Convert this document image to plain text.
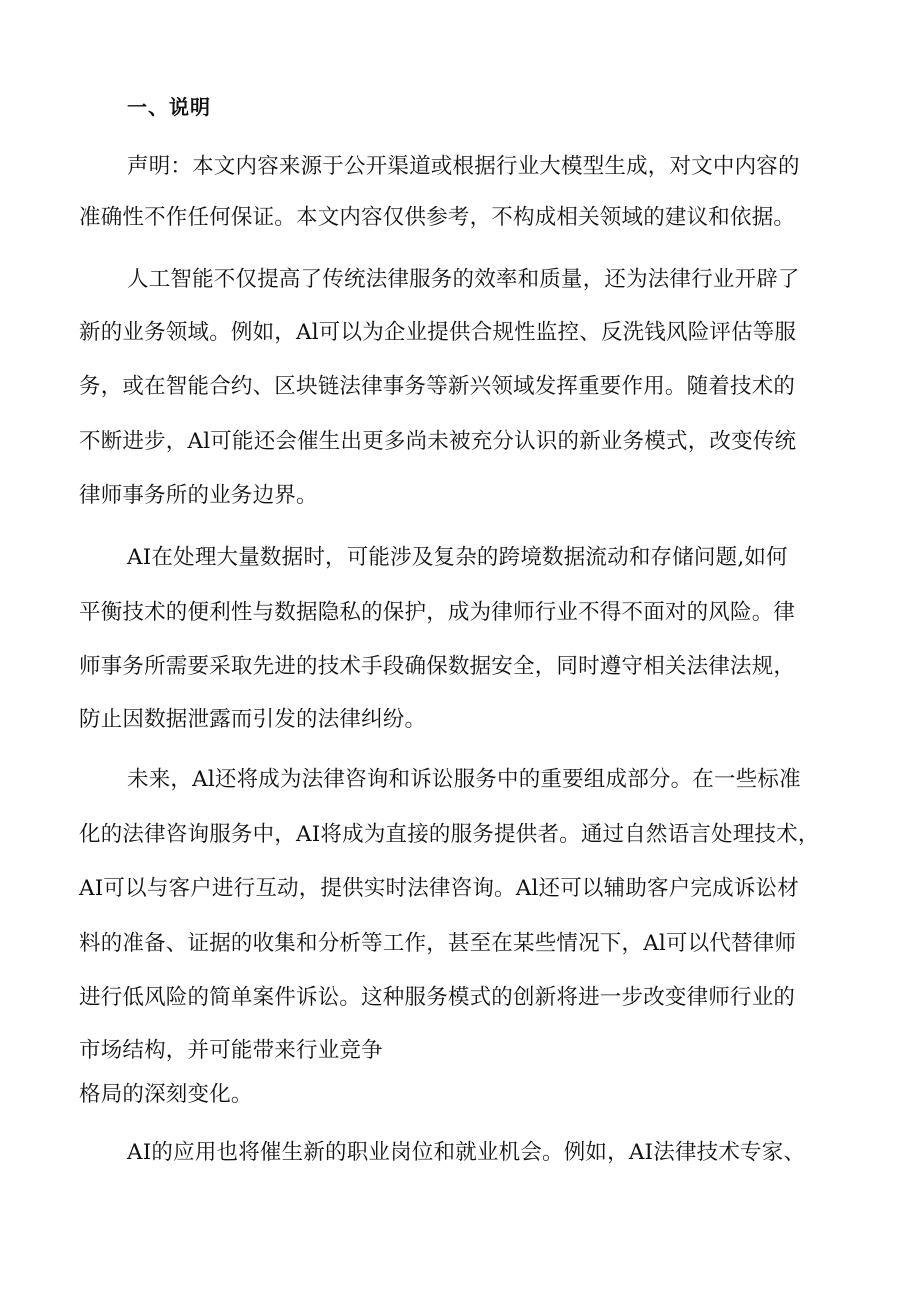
一、说明
声明：本文内容来源于公开渠道或根据行业大模型生成，对文中内容的
准确性不作任何保证。本文内容仅供参考，不构成相关领域的建议和依据。
人工智能不仅提高了传统法律服务的效率和质量，还为法律行业开辟了
新的业务领域。例如，Al可以为企业提供合规性监控、反洗钱风险评估等服
务，或在智能合约、区块链法律事务等新兴领域发挥重要作用。随着技术的
不断进步，Al可能还会催生出更多尚未被充分认识的新业务模式，改变传统
律师事务所的业务边界。
AI在处理大量数据时，可能涉及复杂的跨境数据流动和存储问题,如何
平衡技术的便利性与数据隐私的保护，成为律师行业不得不面对的风险。律
师事务所需要采取先进的技术手段确保数据安全，同时遵守相关法律法规，
防止因数据泄露而引发的法律纠纷。
未来，Al还将成为法律咨询和诉讼服务中的重要组成部分。在一些标准
化的法律咨询服务中，AI将成为直接的服务提供者。通过自然语言处理技术，
AI可以与客户进行互动，提供实时法律咨询。Al还可以辅助客户完成诉讼材
料的准备、证据的收集和分析等工作，甚至在某些情况下，Al可以代替律师
进行低风险的简单案件诉讼。这种服务模式的创新将进一步改变律师行业的
市场结构，并可能带来行业竞争
格局的深刻变化。
AI的应用也将催生新的职业岗位和就业机会。例如，AI法律技术专家、
